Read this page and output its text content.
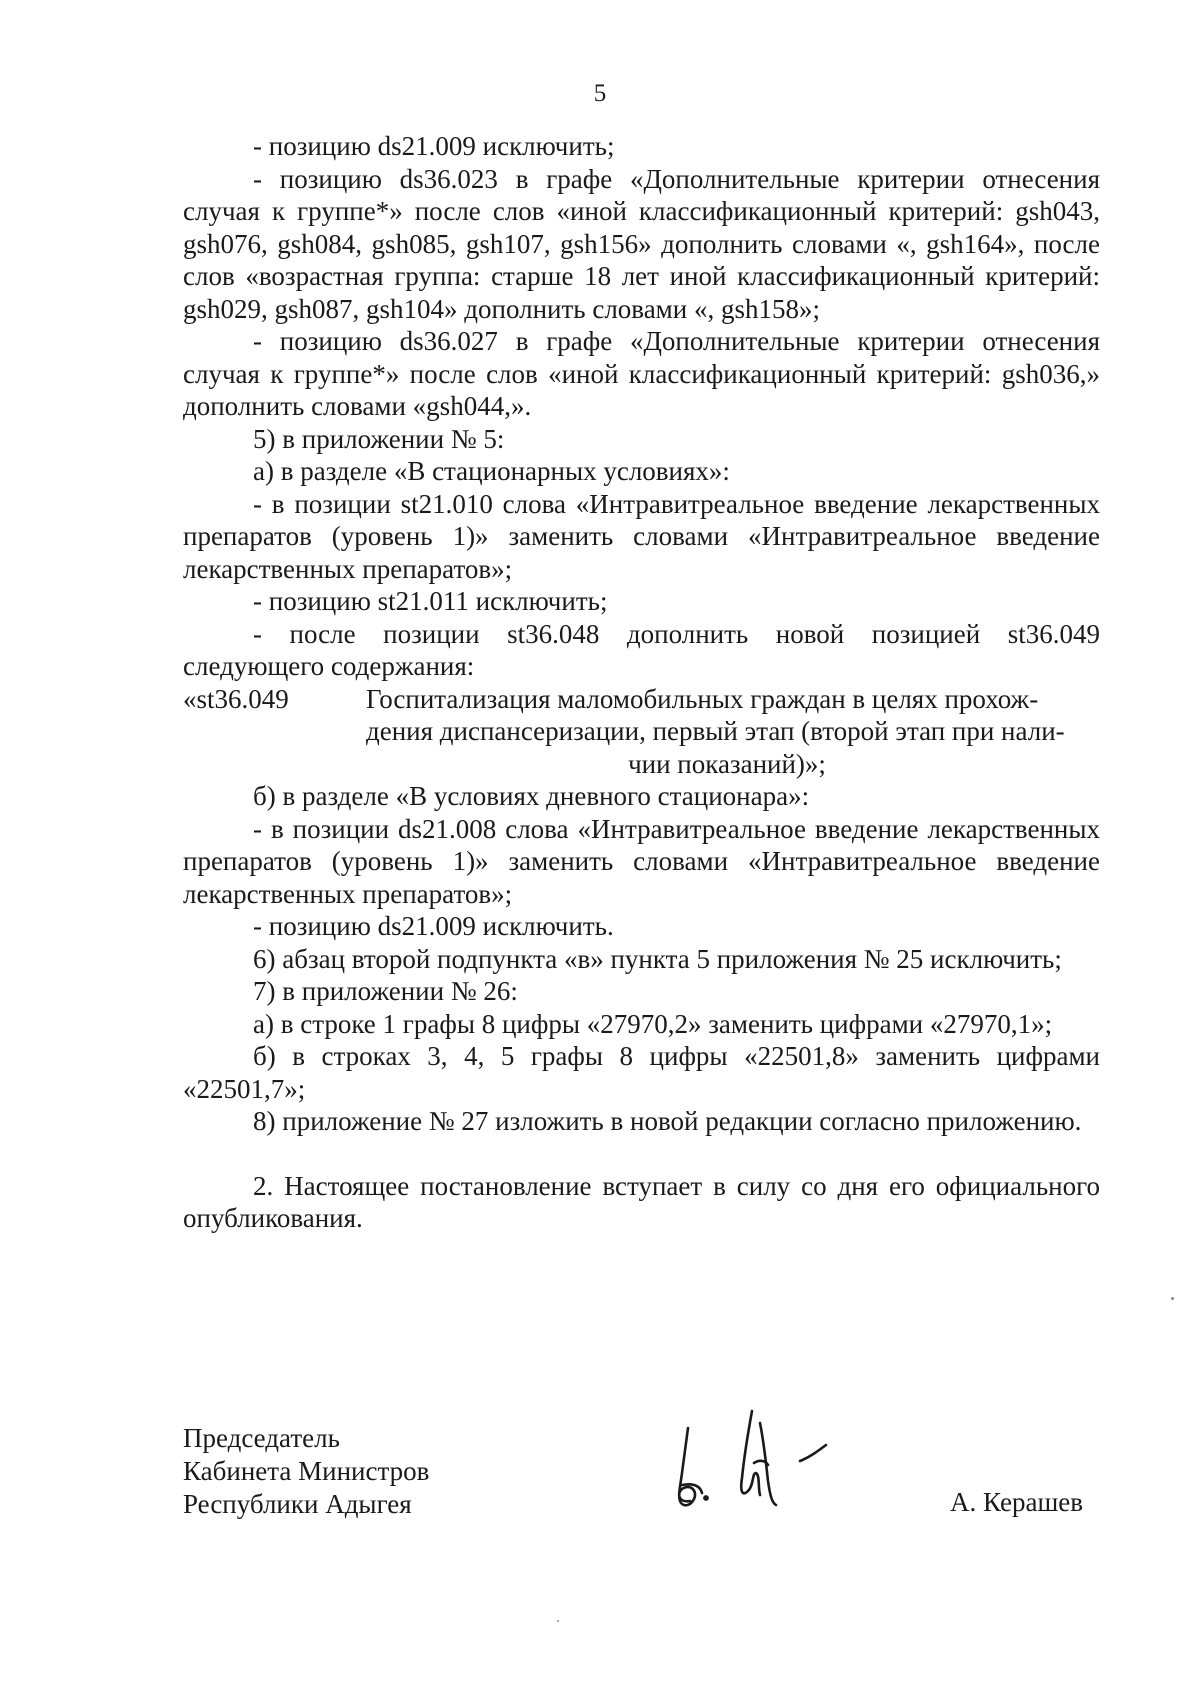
5

- позицию ds21.009 исключить;

- позицию ds36.023 в графе «Дополнительные критерии отнесения случая к группе*» после слов «иной классификационный критерий: gsh043, gsh076, gsh084, gsh085, gsh107, gsh156» дополнить словами «, gsh164», после слов «возрастная группа: старше 18 лет иной классификационный критерий: gsh029, gsh087, gsh104» дополнить словами «, gsh158»;

- позицию ds36.027 в графе «Дополнительные критерии отнесения случая к группе*» после слов «иной классификационный критерий: gsh036,» дополнить словами «gsh044,».

5) в приложении № 5:

а) в разделе «В стационарных условиях»:

- в позиции st21.010 слова «Интравитреальное введение лекарственных препаратов (уровень 1)» заменить словами «Интравитреальное введение лекарственных препаратов»;

- позицию st21.011 исключить;

- после позиции st36.048 дополнить новой позицией st36.049 следующего содержания:

«st36.049	Госпитализация маломобильных граждан в целях прохож-
дения диспансеризации, первый этап (второй этап при нали-
чии показаний)»;

б) в разделе «В условиях дневного стационара»:

- в позиции ds21.008 слова «Интравитреальное введение лекарственных препаратов (уровень 1)» заменить словами «Интравитреальное введение лекарственных препаратов»;

- позицию ds21.009 исключить.

6) абзац второй подпункта «в» пункта 5 приложения № 25 исключить;

7) в приложении № 26:

а) в строке 1 графы 8 цифры «27970,2» заменить цифрами «27970,1»;

б) в строках 3, 4, 5 графы 8 цифры «22501,8» заменить цифрами «22501,7»;

8) приложение № 27 изложить в новой редакции согласно приложению.

2. Настоящее постановление вступает в силу со дня его официального опубликования.

Председатель
Кабинета Министров
Республики Адыгея	А. Керашев
